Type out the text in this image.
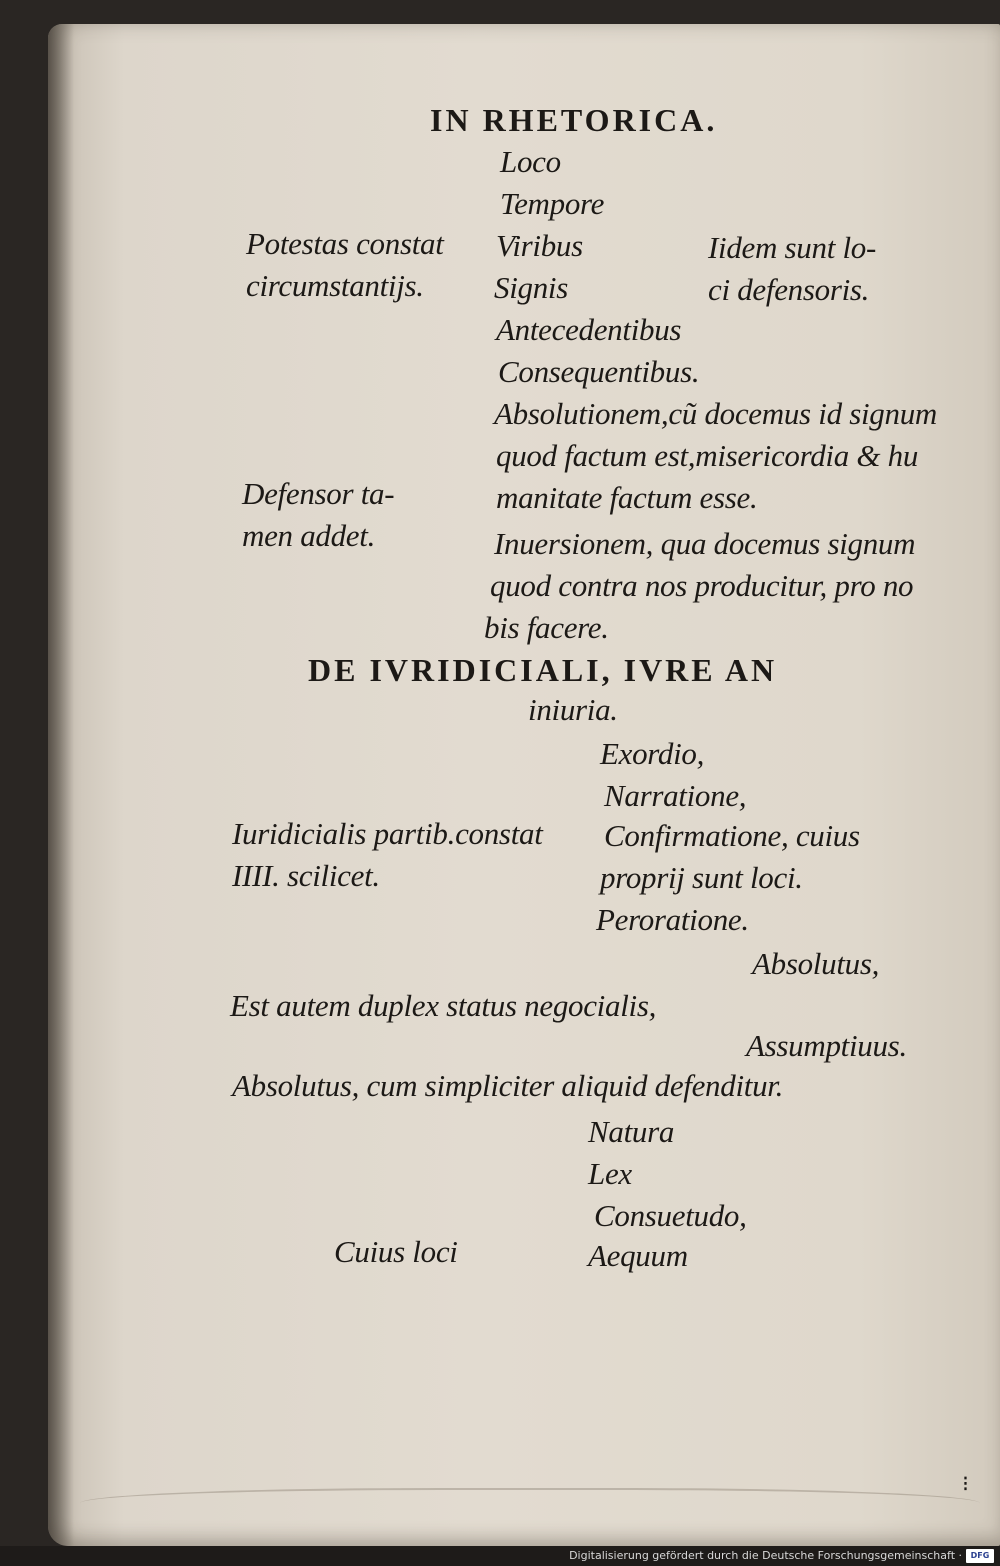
IN RHETORICA.

Loco

Tempore

Viribus

Signis

Antecedentibus

Consequentibus.

Potestas constat

circumstantijs.

Iidem sunt lo-

ci defensoris.

Absolutionem,cũ docemus id signum

quod factum est,misericordia & hu

manitate factum esse.

Inuersionem, qua docemus signum

quod contra nos producitur, pro no

bis facere.

Defensor ta-

men addet.

DE IVRIDICIALI, IVRE AN

iniuria.

Exordio,

Narratione,

Confirmatione, cuius

proprij sunt loci.

Peroratione.

Iuridicialis partib.constat

IIII. scilicet.

Absolutus,

Est autem duplex status negocialis,

Assumptiuus.

Absolutus, cum simpliciter aliquid defenditur.

Natura

Lex

Consuetudo,

Aequum

Cuius loci

⁝

Digitalisierung gefördert durch die Deutsche Forschungsgemeinschaft ·	DFG
